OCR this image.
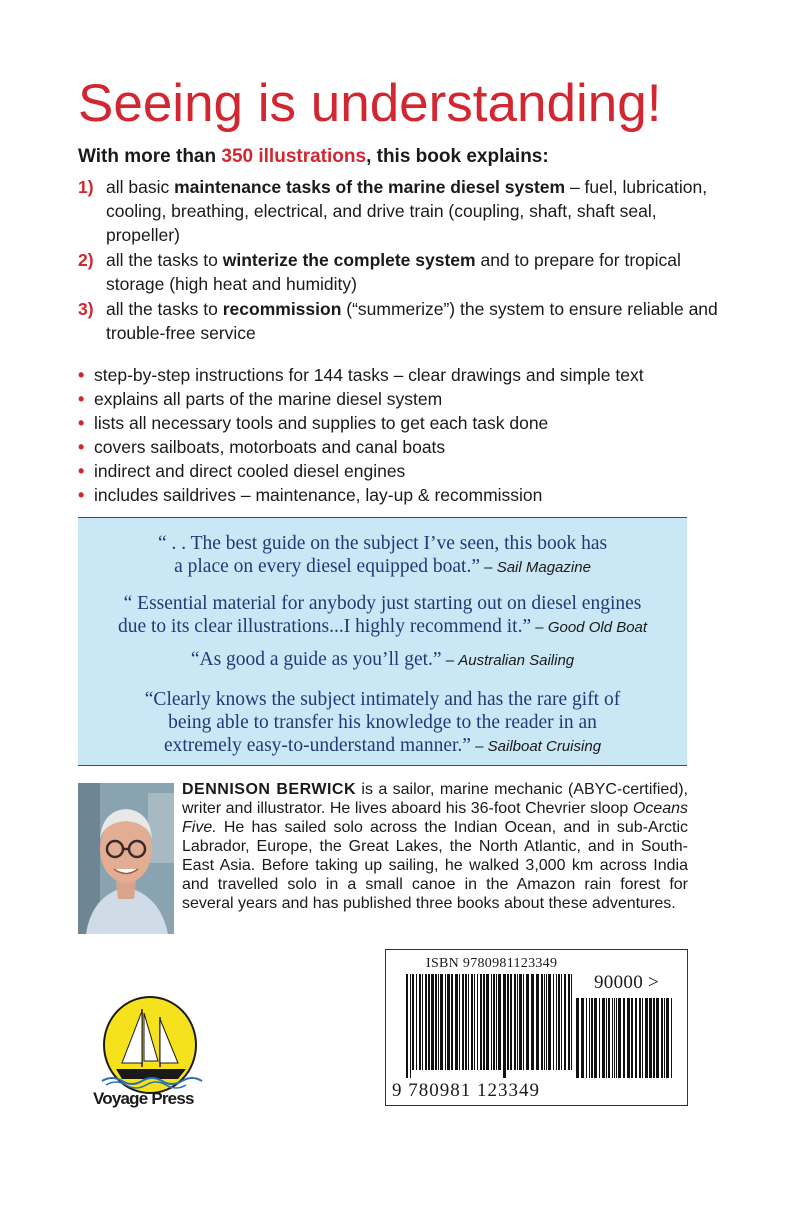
Seeing is understanding!
With more than 350 illustrations, this book explains:
1) all basic maintenance tasks of the marine diesel system – fuel, lubrication, cooling, breathing, electrical, and drive train (coupling, shaft, shaft seal, propeller)
2) all the tasks to winterize the complete system and to prepare for tropical storage (high heat and humidity)
3) all the tasks to recommission (“summerize”) the system to ensure reliable and trouble-free service
• step-by-step instructions for 144 tasks – clear drawings and simple text
• explains all parts of the marine diesel system
• lists all necessary tools and supplies to get each task done
• covers sailboats, motorboats and canal boats
• indirect and direct cooled diesel engines
• includes saildrives – maintenance, lay-up & recommission
“ . . The best guide on the subject I’ve seen, this book has
a place on every diesel equipped boat.” – Sail Magazine
“ Essential material for anybody just starting out on diesel engines
due to its clear illustrations...I highly recommend it.” – Good Old Boat
“As good a guide as you’ll get.” – Australian Sailing
“Clearly knows the subject intimately and has the rare gift of
being able to transfer his knowledge to the reader in an
extremely easy-to-understand manner.” – Sailboat Cruising
DENNISON BERWICK is a sailor, marine mechanic (ABYC-certified), writer and illustrator. He lives aboard his 36-foot Chevrier sloop Oceans Five. He has sailed solo across the Indian Ocean, and in sub-Arctic Labrador, Europe, the Great Lakes, the North Atlantic, and in South-East Asia. Before taking up sailing, he walked 3,000 km across India and travelled solo in a small canoe in the Amazon rain forest for several years and has published three books about these adventures.
Voyage Press
ISBN 9780981123349
90000 >
9 780981 123349
